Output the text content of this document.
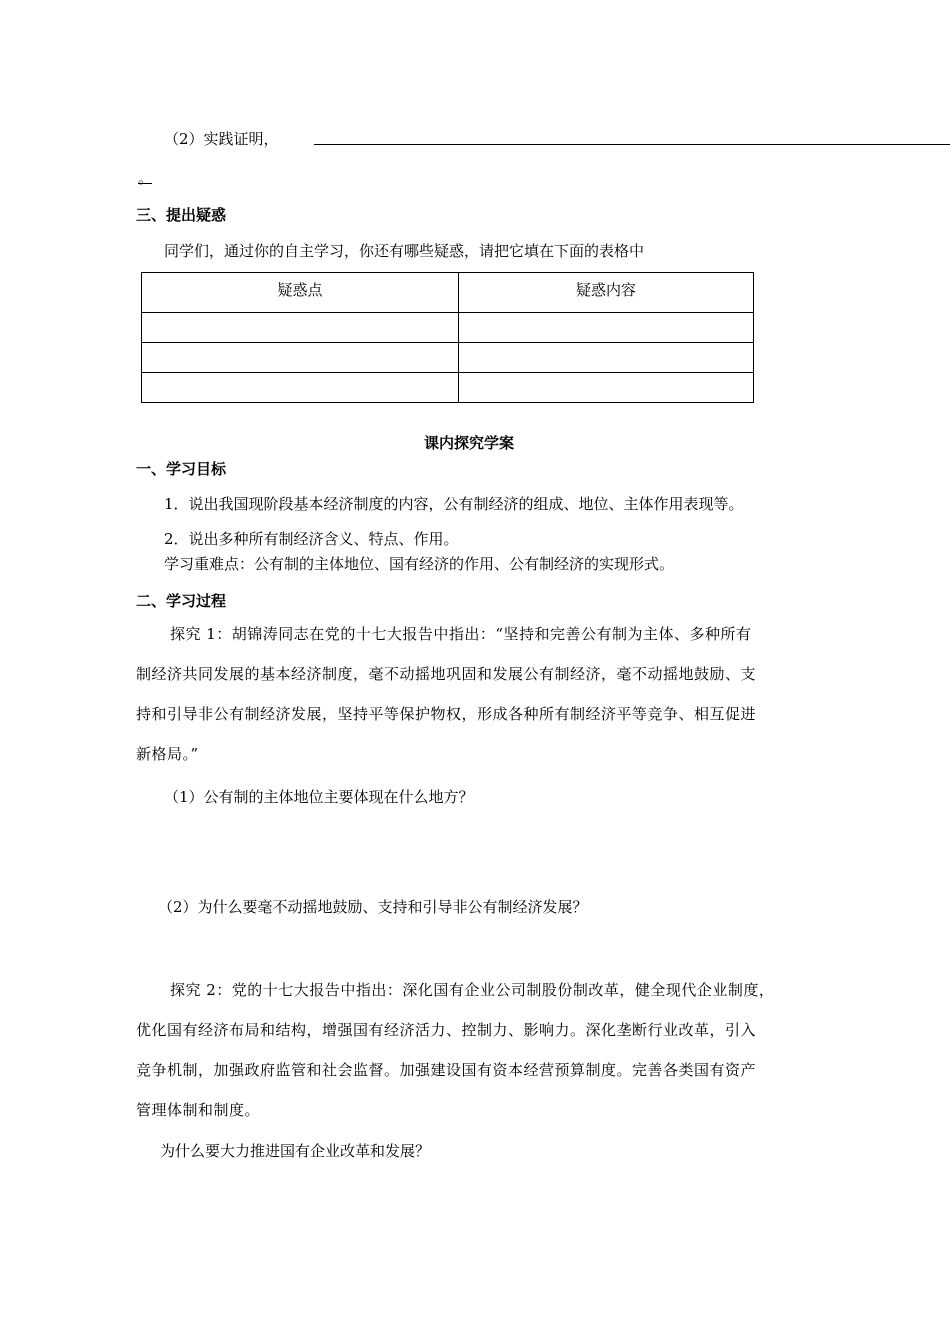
（2）实践证明，
。
三、提出疑惑
同学们，通过你的自主学习，你还有哪些疑惑，请把它填在下面的表格中
疑惑点	疑惑内容

课内探究学案
一、学习目标
1．说出我国现阶段基本经济制度的内容，公有制经济的组成、地位、主体作用表现等。
2．说出多种所有制经济含义、特点、作用。
学习重难点：公有制的主体地位、国有经济的作用、公有制经济的实现形式。
二、学习过程
探究 1：胡锦涛同志在党的十七大报告中指出：“坚持和完善公有制为主体、多种所有
制经济共同发展的基本经济制度，毫不动摇地巩固和发展公有制经济，毫不动摇地鼓励、支
持和引导非公有制经济发展，坚持平等保护物权，形成各种所有制经济平等竞争、相互促进
新格局。”
（1）公有制的主体地位主要体现在什么地方？
（2）为什么要毫不动摇地鼓励、支持和引导非公有制经济发展？
探究 2：党的十七大报告中指出：深化国有企业公司制股份制改革，健全现代企业制度，
优化国有经济布局和结构，增强国有经济活力、控制力、影响力。深化垄断行业改革，引入
竞争机制，加强政府监管和社会监督。加强建设国有资本经营预算制度。完善各类国有资产
管理体制和制度。
为什么要大力推进国有企业改革和发展？
